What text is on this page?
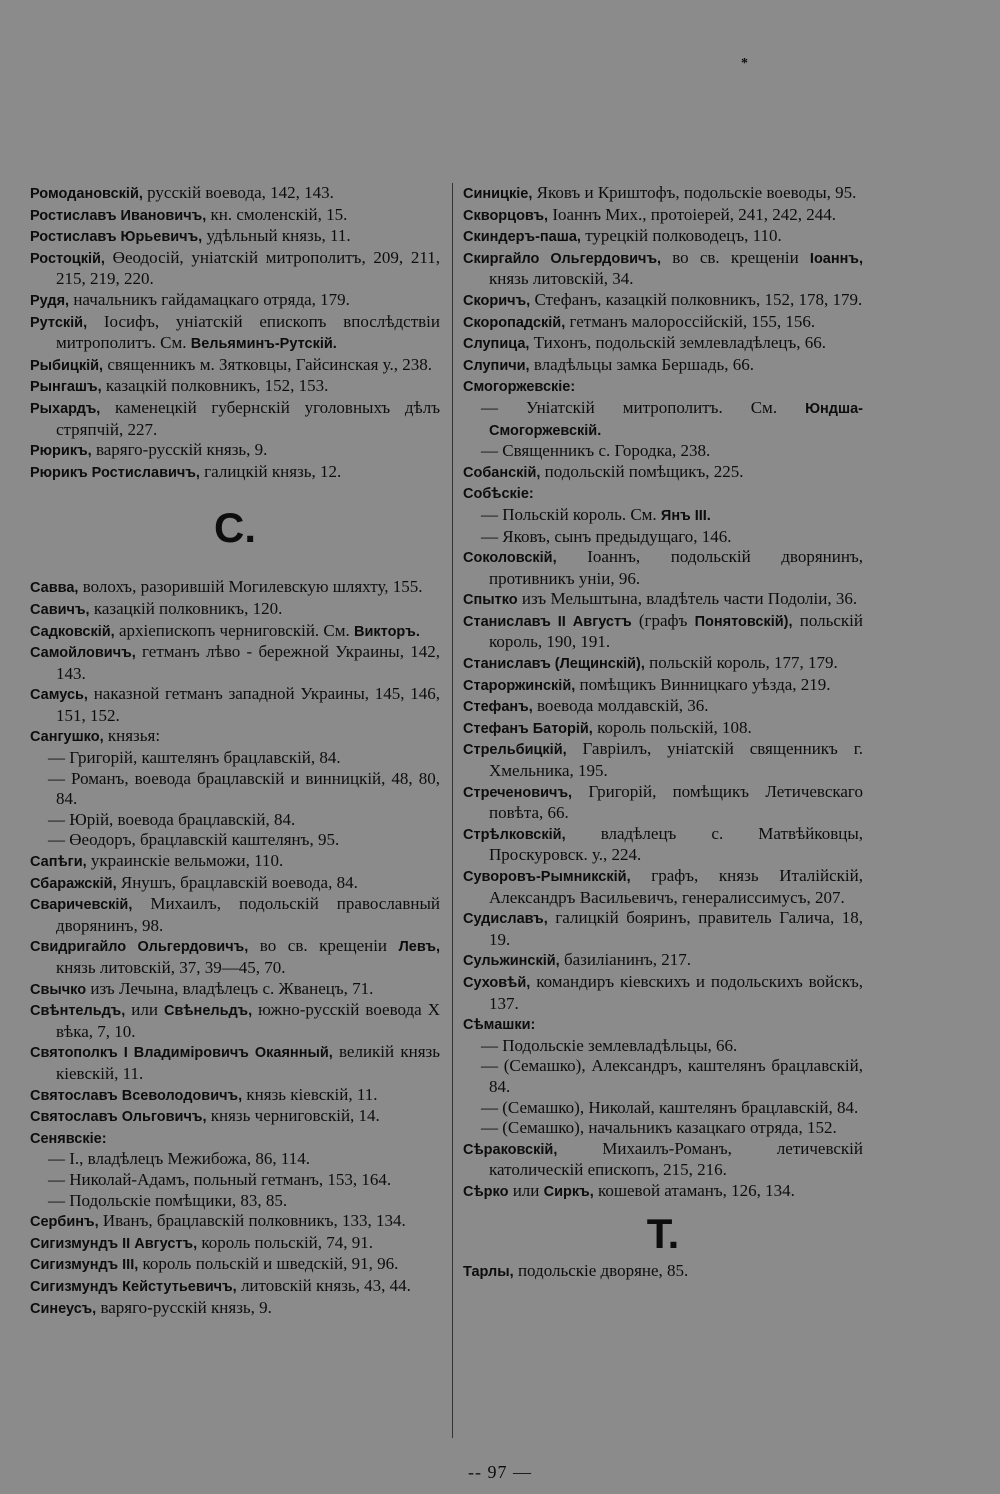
*
Ромодановскій, русскій воевода, 142, 143.
Ростиславъ Ивановичъ, кн. смоленскій, 15.
Ростиславъ Юрьевичъ, удѣльный князь, 11.
Ростоцкій, Өеодосій, уніатскій митрополитъ, 209, 211, 215, 219, 220.
Рудя, начальникъ гайдамацкаго отряда, 179.
Рутскій, Іосифъ, уніатскій епископъ впослѣдствіи митрополитъ. См. Вельяминъ-Рутскій.
Рыбицкій, священникъ м. Зятковцы, Гайсинская у., 238.
Рынгашъ, казацкій полковникъ, 152, 153.
Рыхардъ, каменецкій губернскій уголовныхъ дѣлъ стряпчій, 227.
Рюрикъ, варяго-русскій князь, 9.
Рюрикъ Ростиславичъ, галицкій князь, 12.
С.
Савва, волохъ, разорившій Могилевскую шляхту, 155.
Савичъ, казацкій полковникъ, 120.
Садковскій, архіепископъ черниговскій. См. Викторъ.
Самойловичъ, гетманъ лѣво - бережной Украины, 142, 143.
Самусь, наказной гетманъ западной Украины, 145, 146, 151, 152.
Сангушко, князья:
— Григорій, каштелянъ брацлавскій, 84.
— Романъ, воевода брацлавскій и винницкій, 48, 80, 84.
— Юрій, воевода брацлавскій, 84.
— Өеодоръ, брацлавскій каштелянъ, 95.
Сапѣги, украинскіе вельможи, 110.
Сбаражскій, Янушъ, брацлавскій воевода, 84.
Сваричевскій, Михаилъ, подольскій православный дворянинъ, 98.
Свидригайло Ольгердовичъ, во св. крещеніи Левъ, князь литовскій, 37, 39—45, 70.
Свычко изъ Лечына, владѣлецъ с. Жванецъ, 71.
Свѣнтельдъ, или Свѣнельдъ, южно-русскій воевода X вѣка, 7, 10.
Святополкъ I Владиміровичъ Окаянный, великій князь кіевскій, 11.
Святославъ Всеволодовичъ, князь кіевскій, 11.
Святославъ Ольговичъ, князь черниговскій, 14.
Сенявскіе:
— I., владѣлецъ Межибожа, 86, 114.
— Николай-Адамъ, польный гетманъ, 153, 164.
— Подольскіе помѣщики, 83, 85.
Сербинъ, Иванъ, брацлавскій полковникъ, 133, 134.
Сигизмундъ II Августъ, король польскій, 74, 91.
Сигизмундъ III, король польскій и шведскій, 91, 96.
Сигизмундъ Кейстутьевичъ, литовскій князь, 43, 44.
Синеусъ, варяго-русскій князь, 9.
Синицкіе, Яковъ и Криштофъ, подольскіе воеводы, 95.
Скворцовъ, Іоаннъ Мих., протоіерей, 241, 242, 244.
Скиндеръ-паша, турецкій полководецъ, 110.
Скиргайло Ольгердовичъ, во св. крещеніи Іоаннъ, князь литовскій, 34.
Скоричъ, Стефанъ, казацкій полковникъ, 152, 178, 179.
Скоропадскій, гетманъ малороссійскій, 155, 156.
Слупица, Тихонъ, подольскій землевладѣлецъ, 66.
Слупичи, владѣльцы замка Бершадь, 66.
Смогоржевскіе:
— Уніатскій митрополитъ. См. Юндша-Смогоржевскій.
— Священникъ с. Городка, 238.
Собанскій, подольскій помѣщикъ, 225.
Собѣскіе:
— Польскій король. См. Янъ III.
— Яковъ, сынъ предыдущаго, 146.
Соколовскій, Іоаннъ, подольскій дворянинъ, противникъ уніи, 96.
Спытко изъ Мельштына, владѣтель части Подоліи, 36.
Станиславъ II Августъ (графъ Понятовскій), польскій король, 190, 191.
Станиславъ (Лещинскій), польскій король, 177, 179.
Староржинскій, помѣщикъ Винницкаго уѣзда, 219.
Стефанъ, воевода молдавскій, 36.
Стефанъ Баторій, король польскій, 108.
Стрельбицкій, Гавріилъ, уніатскій священникъ г. Хмельника, 195.
Стреченовичъ, Григорій, помѣщикъ Летичевскаго повѣта, 66.
Стрѣлковскій, владѣлецъ с. Матвѣйковцы, Проскуровск. у., 224.
Суворовъ-Рымникскій, графъ, князь Италійскій, Александръ Васильевичъ, генералиссимусъ, 207.
Судиславъ, галицкій бояринъ, правитель Галича, 18, 19.
Сульжинскій, базиліанинъ, 217.
Суховѣй, командиръ кіевскихъ и подольскихъ войскъ, 137.
Сѣмашки:
— Подольскіе землевладѣльцы, 66.
— (Семашко), Александръ, каштелянъ брацлавскій, 84.
— (Семашко), Николай, каштелянъ брацлавскій, 84.
— (Семашко), начальникъ казацкаго отряда, 152.
Сѣраковскій, Михаилъ-Романъ, летичевскій католическій епископъ, 215, 216.
Сѣрко или Сиркъ, кошевой атаманъ, 126, 134.
Т.
Тарлы, подольскіе дворяне, 85.
-- 97 —
